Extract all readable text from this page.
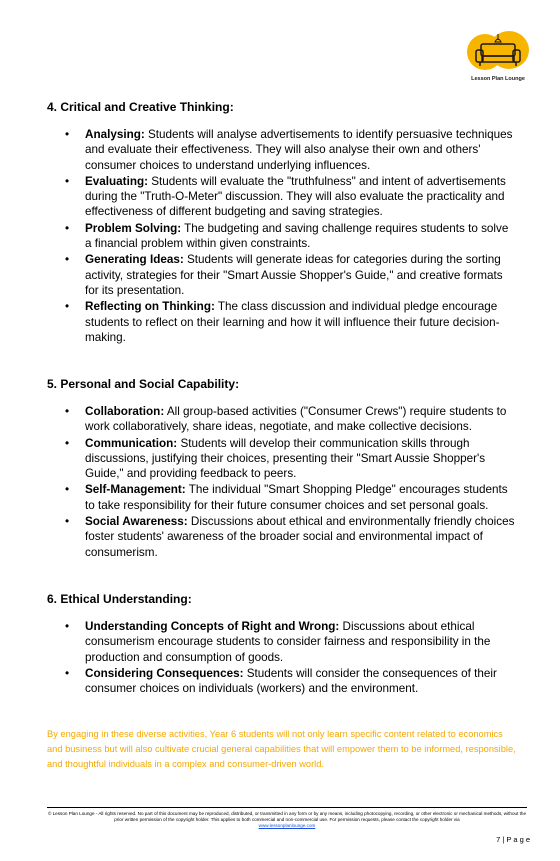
Lesson Plan Lounge
4. Critical and Creative Thinking:
• Analysing: Students will analyse advertisements to identify persuasive techniques and evaluate their effectiveness. They will also analyse their own and others' consumer choices to understand underlying influences.
• Evaluating: Students will evaluate the "truthfulness" and intent of advertisements during the "Truth-O-Meter" discussion. They will also evaluate the practicality and effectiveness of different budgeting and saving strategies.
• Problem Solving: The budgeting and saving challenge requires students to solve a financial problem within given constraints.
• Generating Ideas: Students will generate ideas for categories during the sorting activity, strategies for their "Smart Aussie Shopper's Guide," and creative formats for its presentation.
• Reflecting on Thinking: The class discussion and individual pledge encourage students to reflect on their learning and how it will influence their future decision-making.
5. Personal and Social Capability:
• Collaboration: All group-based activities ("Consumer Crews") require students to work collaboratively, share ideas, negotiate, and make collective decisions.
• Communication: Students will develop their communication skills through discussions, justifying their choices, presenting their "Smart Aussie Shopper's Guide," and providing feedback to peers.
• Self-Management: The individual "Smart Shopping Pledge" encourages students to take responsibility for their future consumer choices and set personal goals.
• Social Awareness: Discussions about ethical and environmentally friendly choices foster students' awareness of the broader social and environmental impact of consumerism.
6. Ethical Understanding:
• Understanding Concepts of Right and Wrong: Discussions about ethical consumerism encourage students to consider fairness and responsibility in the production and consumption of goods.
• Considering Consequences: Students will consider the consequences of their consumer choices on individuals (workers) and the environment.
By engaging in these diverse activities, Year 6 students will not only learn specific content related to economics and business but will also cultivate crucial general capabilities that will empower them to be informed, responsible, and thoughtful individuals in a complex and consumer-driven world.
© Lesson Plan Lounge - All rights reserved. No part of this document may be reproduced, distributed, or transmitted in any form or by any means, including photocopying, recording, or other electronic or mechanical methods, without the prior written permission of the copyright holder. This applies to both commercial and non-commercial use. For permission requests, please contact the copyright holder via
www.lessonplanlounge.com
7 | P a g e
